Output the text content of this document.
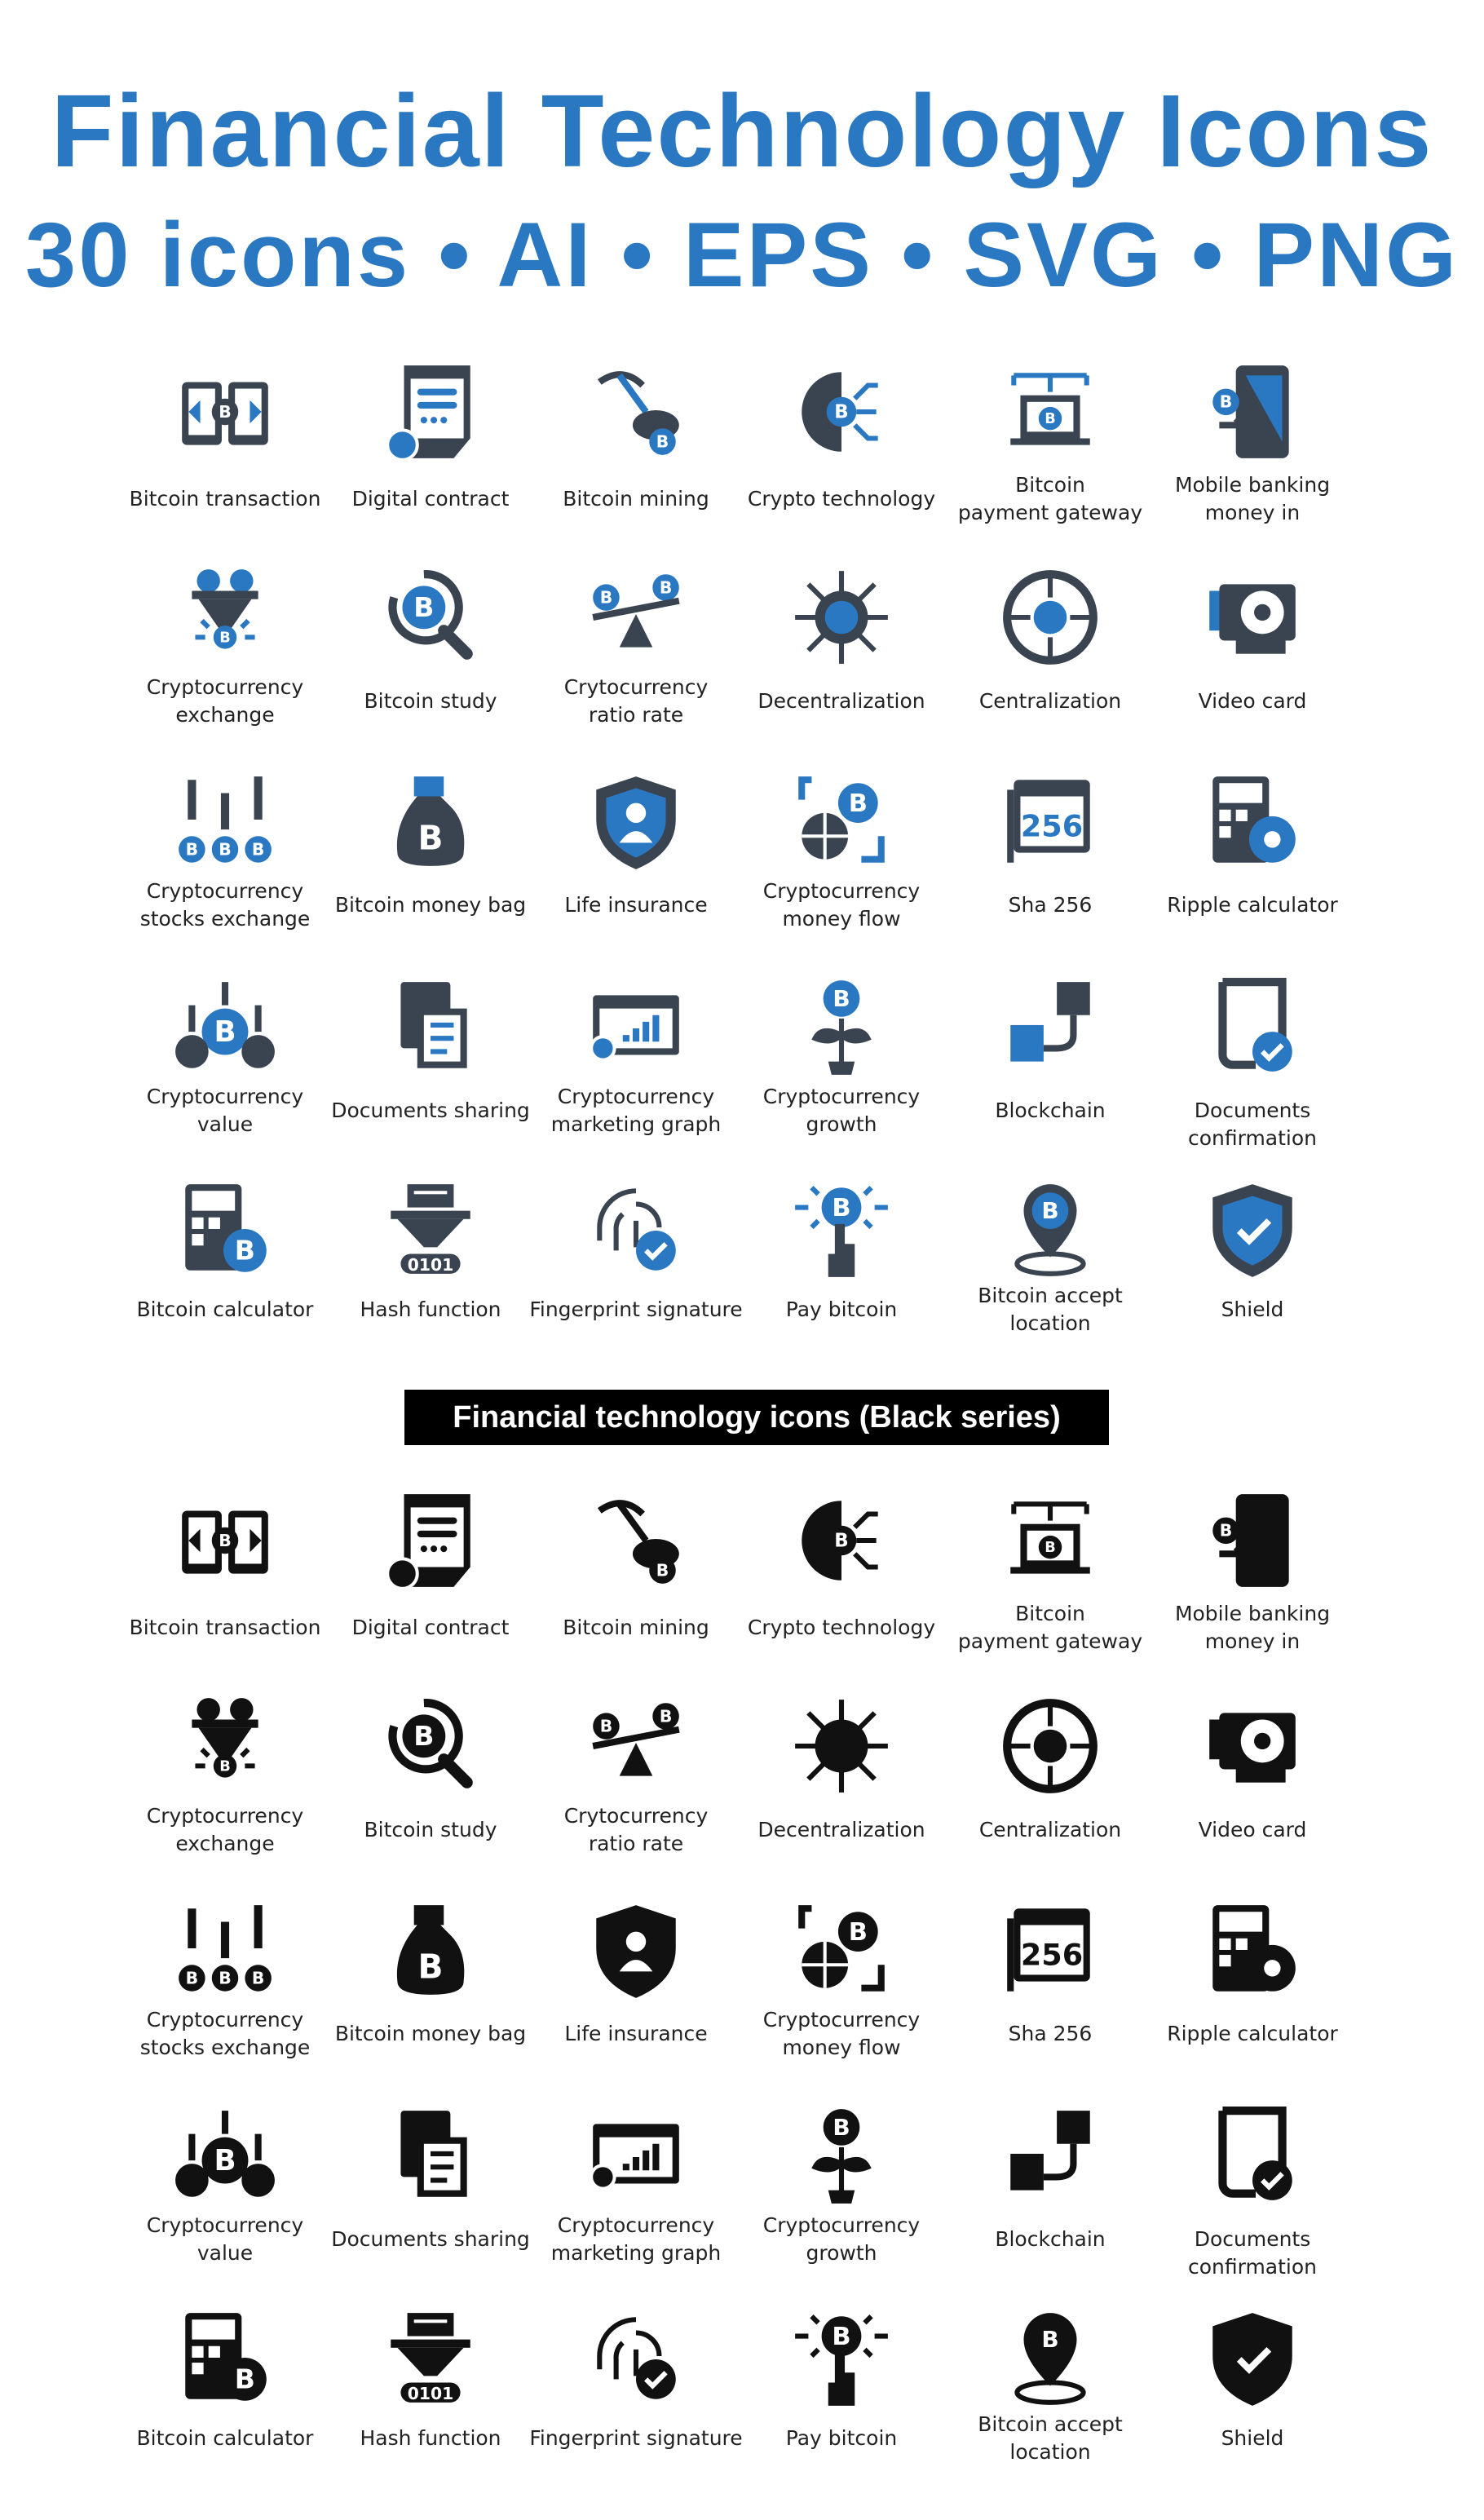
Financial Technology Icons
30 icons • AI • EPS • SVG • PNG
B
Bitcoin transaction	Digital contract
B
Bitcoin mining
B
Crypto technology
B
Bitcoin
payment gateway
B
Mobile banking
money in
B
Cryptocurrency
exchange
B
Bitcoin study
B
B
Crytocurrency
ratio rate
Decentralization	Centralization	Video card
B	B	B
Cryptocurrency
stocks exchange
B
Bitcoin money bag	Life insurance
B
Cryptocurrency
money flow
256
Sha 256	Ripple calculator
B
Cryptocurrency
value
Documents sharing
Cryptocurrency
marketing graph
B
Cryptocurrency
growth
Blockchain	Documents confirmation
B
Bitcoin calculator
0101
Hash function	Fingerprint signature
B
Pay bitcoin
B
Bitcoin accept
location
Shield
Financial technology icons (Black series)
B
Bitcoin transaction	Digital contract
B
Bitcoin mining
B
Crypto technology
B
Bitcoin
payment gateway
B
Mobile banking
money in
B
Cryptocurrency
exchange
B
Bitcoin study
B
B
Crytocurrency
ratio rate
Decentralization	Centralization	Video card
B	B	B
Cryptocurrency
stocks exchange
B
Bitcoin money bag	Life insurance
B
Cryptocurrency
money flow
256
Sha 256	Ripple calculator
B
Cryptocurrency
value
Documents sharing
Cryptocurrency
marketing graph
B
Cryptocurrency
growth
Blockchain	Documents confirmation
B
Bitcoin calculator
0101
Hash function	Fingerprint signature
B
Pay bitcoin
B
Bitcoin accept
location
Shield
